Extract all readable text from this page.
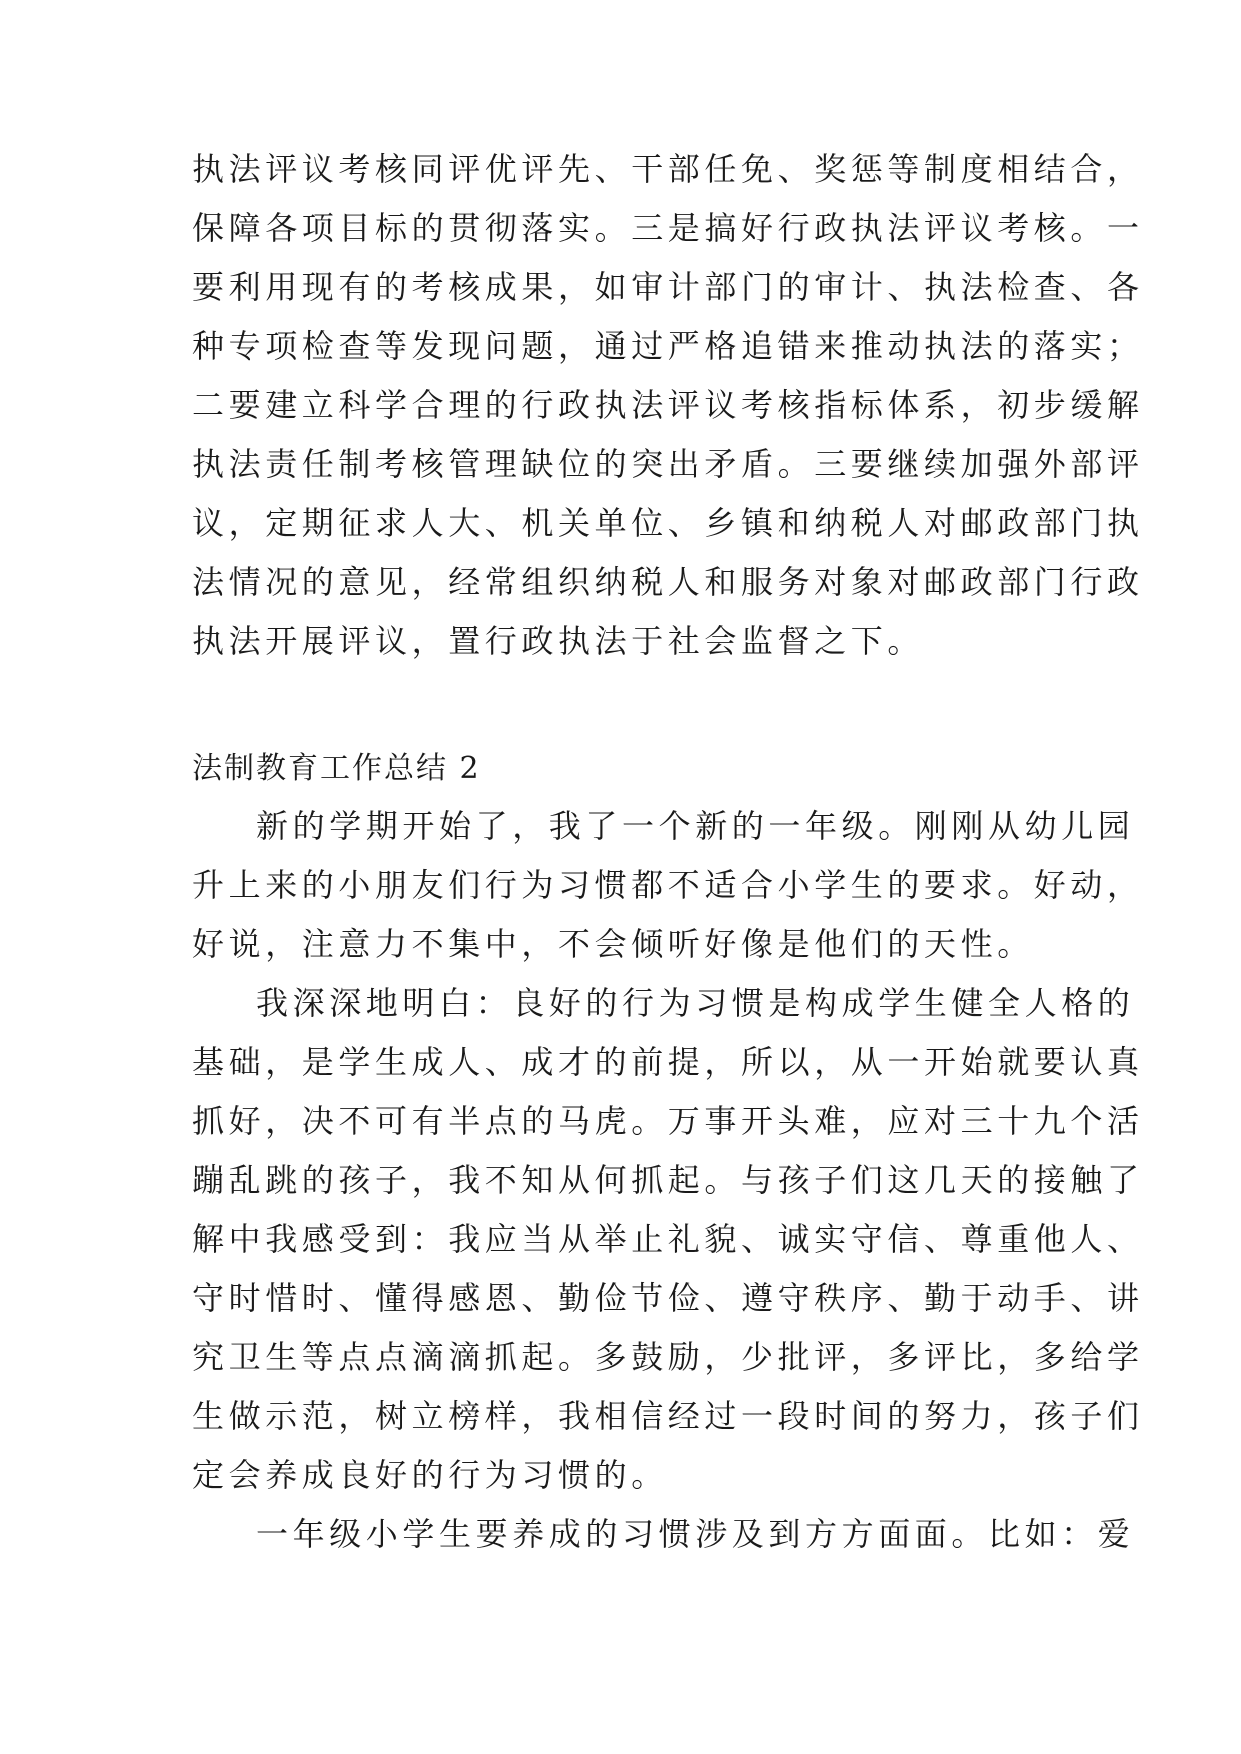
执法评议考核同评优评先、干部任免、奖惩等制度相结合，
保障各项目标的贯彻落实。三是搞好行政执法评议考核。一
要利用现有的考核成果，如审计部门的审计、执法检查、各
种专项检查等发现问题，通过严格追错来推动执法的落实；
二要建立科学合理的行政执法评议考核指标体系，初步缓解
执法责任制考核管理缺位的突出矛盾。三要继续加强外部评
议，定期征求人大、机关单位、乡镇和纳税人对邮政部门执
法情况的意见，经常组织纳税人和服务对象对邮政部门行政
执法开展评议，置行政执法于社会监督之下。
法制教育工作总结 2
新的学期开始了，我了一个新的一年级。刚刚从幼儿园
升上来的小朋友们行为习惯都不适合小学生的要求。好动，
好说，注意力不集中，不会倾听好像是他们的天性。
我深深地明白：良好的行为习惯是构成学生健全人格的
基础，是学生成人、成才的前提，所以，从一开始就要认真
抓好，决不可有半点的马虎。万事开头难，应对三十九个活
蹦乱跳的孩子，我不知从何抓起。与孩子们这几天的接触了
解中我感受到：我应当从举止礼貌、诚实守信、尊重他人、
守时惜时、懂得感恩、勤俭节俭、遵守秩序、勤于动手、讲
究卫生等点点滴滴抓起。多鼓励，少批评，多评比，多给学
生做示范，树立榜样，我相信经过一段时间的努力，孩子们
定会养成良好的行为习惯的。
一年级小学生要养成的习惯涉及到方方面面。比如：爱
